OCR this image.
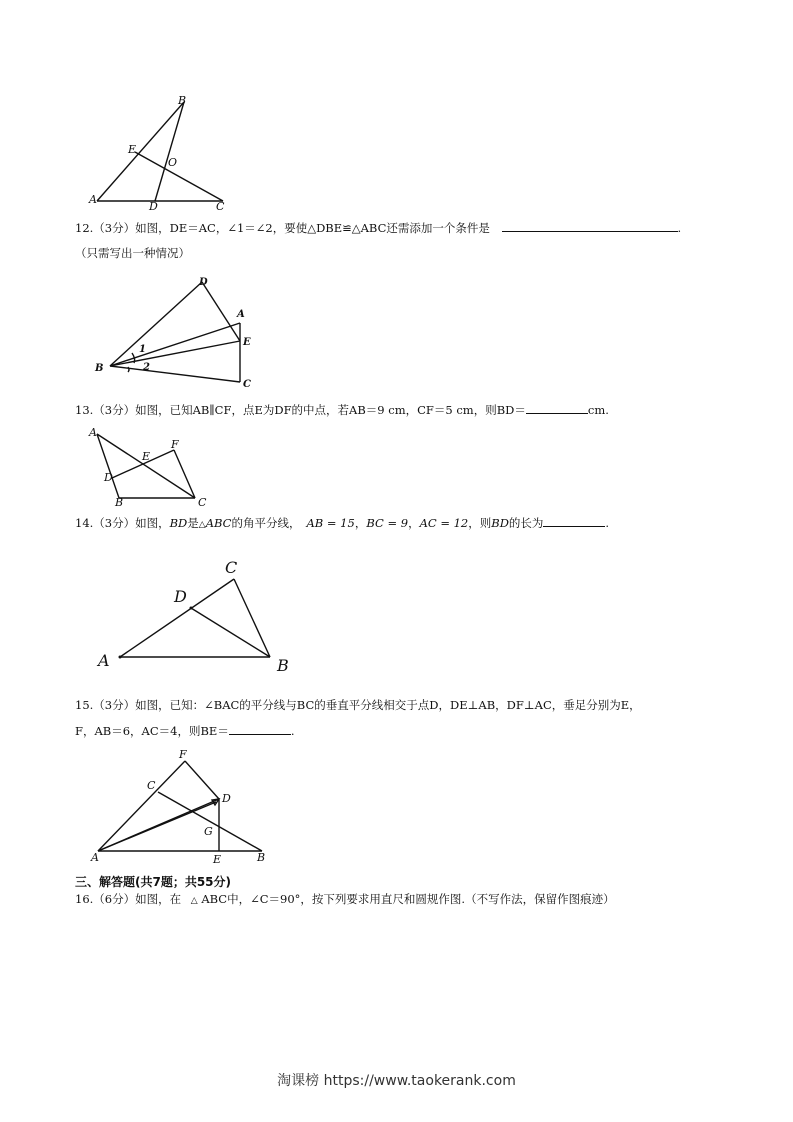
B
E
O
A
D	C
12.（3分）如图，DE＝AC，∠1＝∠2，要使△DBE≌△ABC还需添加一个条件是	.
（只需写出一种情况）
D
A
E
B
C
1
2
13.（3分）如图，已知AB∥CF，点E为DF的中点，若AB＝9 cm，CF＝5 cm，则BD＝	cm.
A
F
E
D
B	C
14.（3分）如图，BD是△ABC的角平分线， AB = 15，BC = 9，AC = 12，则BD的长为	.
C
D
A	B
15.（3分）如图，已知：∠BAC的平分线与BC的垂直平分线相交于点D，DE⊥AB，DF⊥AC，垂足分别为E，
F，AB＝6，AC＝4，则BE＝	.
F
C
D
G
A	E	B
三、解答题(共7题；共55分)
16.（6分）如图，在 △ ABC中，∠C＝90°，按下列要求用直尺和圆规作图.（不写作法，保留作图痕迹）
淘课榜 https://www.taokerank.com
